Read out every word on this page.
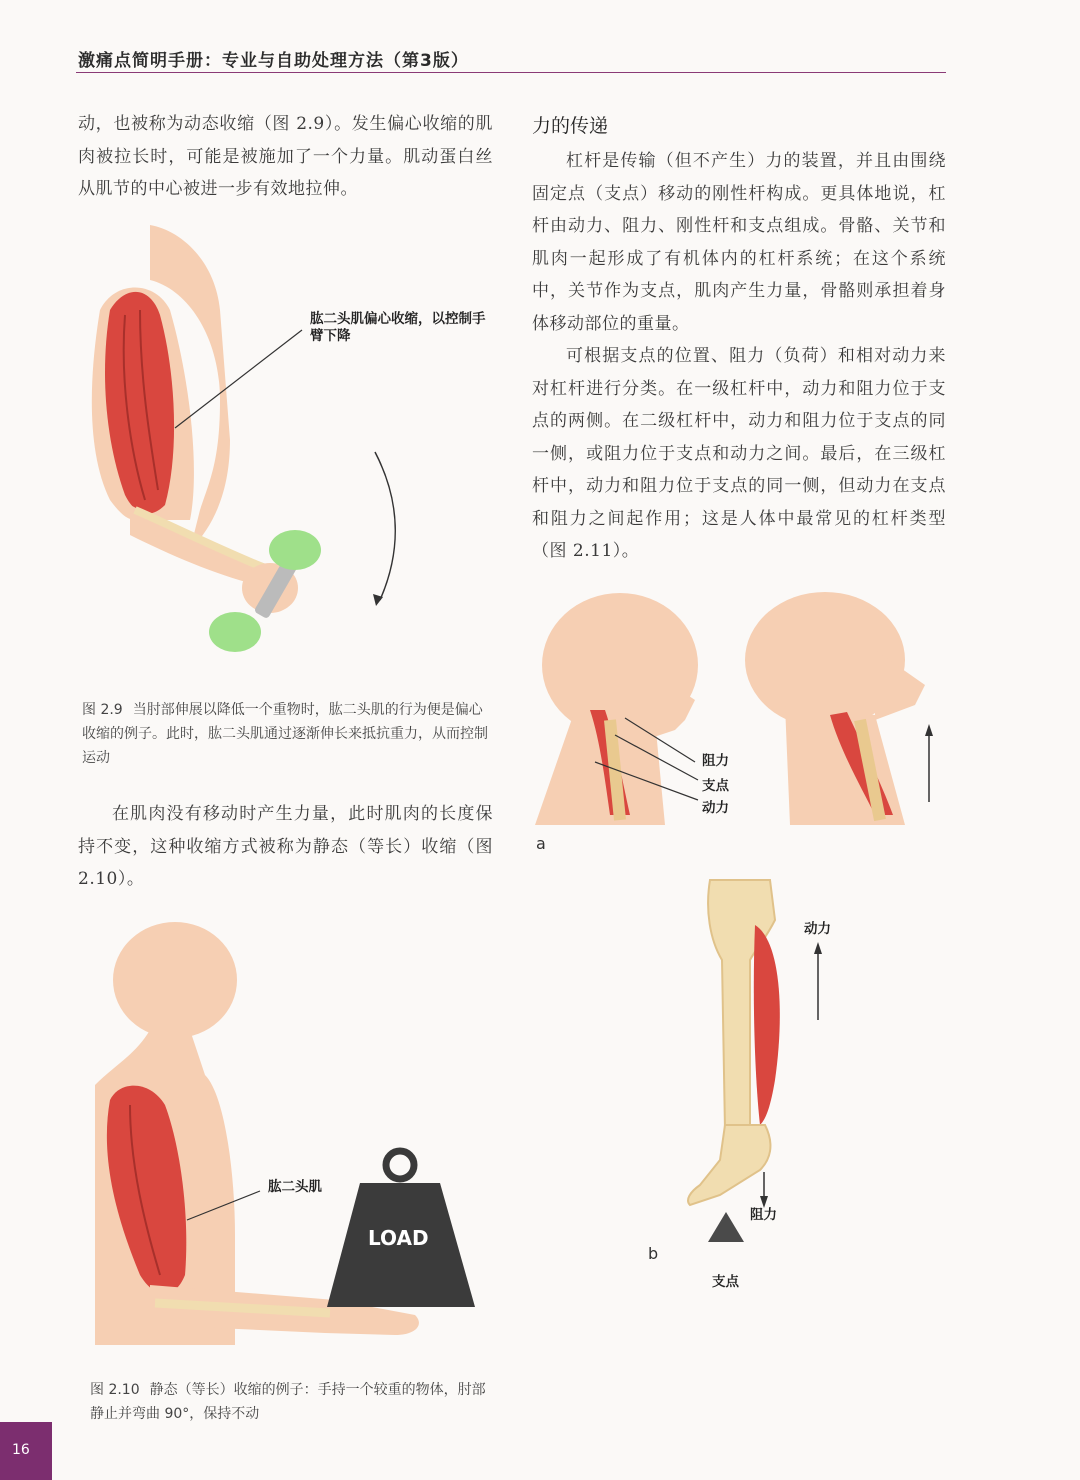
激痛点简明手册：专业与自助处理方法（第3版）

动，也被称为动态收缩（图 2.9）。发生偏心收缩的肌肉被拉长时，可能是被施加了一个力量。肌动蛋白丝从肌节的中心被进一步有效地拉伸。

肱二头肌偏心收缩，以控制手臂下降
图 2.9 当肘部伸展以降低一个重物时，肱二头肌的行为便是偏心收缩的例子。此时，肱二头肌通过逐渐伸长来抵抗重力，从而控制运动

在肌肉没有移动时产生力量，此时肌肉的长度保持不变，这种收缩方式被称为静态（等长）收缩（图 2.10）。

肱二头肌
LOAD
图 2.10 静态（等长）收缩的例子：手持一个较重的物体，肘部静止并弯曲 90°，保持不动
力的传递

杠杆是传输（但不产生）力的装置，并且由围绕固定点（支点）移动的刚性杆构成。更具体地说，杠杆由动力、阻力、刚性杆和支点组成。骨骼、关节和肌肉一起形成了有机体内的杠杆系统；在这个系统中，关节作为支点，肌肉产生力量，骨骼则承担着身体移动部位的重量。

可根据支点的位置、阻力（负荷）和相对动力来对杠杆进行分类。在一级杠杆中，动力和阻力位于支点的两侧。在二级杠杆中，动力和阻力位于支点的同一侧，或阻力位于支点和动力之间。最后，在三级杠杆中，动力和阻力位于支点的同一侧，但动力在支点和阻力之间起作用；这是人体中最常见的杠杆类型（图 2.11）。

阻力
支点
动力
a
动力
阻力
支点
b
16
